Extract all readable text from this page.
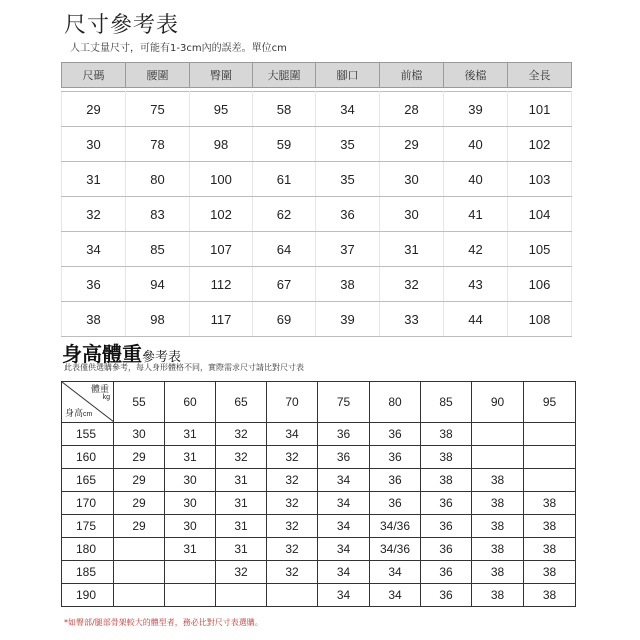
尺寸參考表
人工丈量尺寸，可能有1-3cm內的誤差。單位cm
尺碼	腰圍	臀圍	大腿圍	腳口	前檔	後檔	全長

29	75	95	58	34	28	39	101
30	78	98	59	35	29	40	102
31	80	100	61	35	30	40	103
32	83	102	62	36	30	41	104
34	85	107	64	37	31	42	105
36	94	112	67	38	32	43	106
38	98	117	69	39	33	44	108
身高體重參考表
此表僅供選購參考，每人身形體格不同，實際需求尺寸請比對尺寸表
體重
kg
身高cm	55	60	65	70	75	80	85	90	95
155	30	31	32	34	36	36	38		
160	29	31	32	32	36	36	38		
165	29	30	31	32	34	36	38	38	
170	29	30	31	32	34	36	36	38	38
175	29	30	31	32	34	34/36	36	38	38
180		31	31	32	34	34/36	36	38	38
185			32	32	34	34	36	38	38
190					34	34	36	38	38
*如臀部/腿部骨架較大的體型者，務必比對尺寸表選購。
